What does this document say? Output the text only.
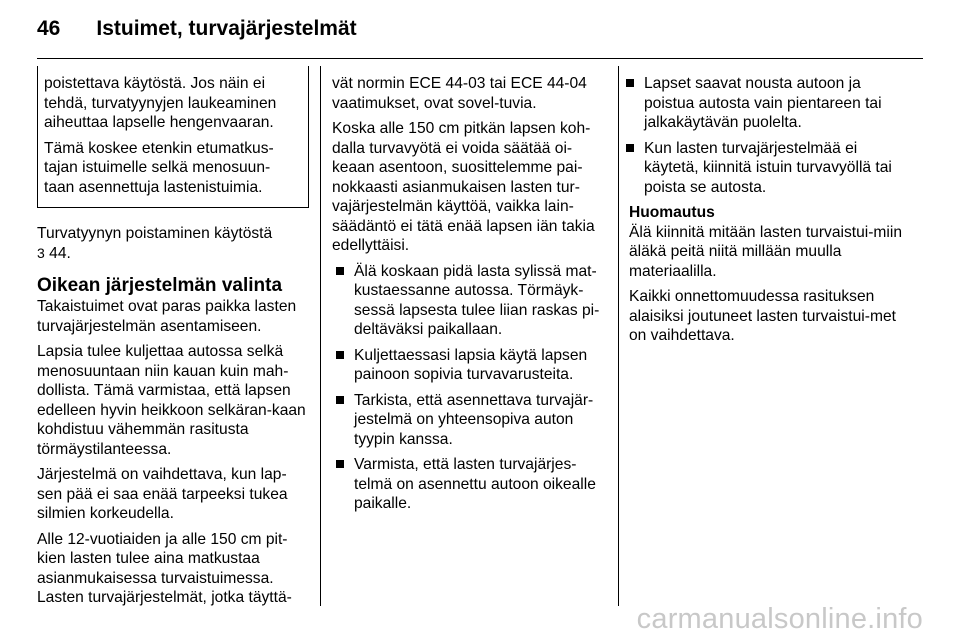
46 Istuimet, turvajärjestelmät

poistettava käytöstä. Jos näin ei tehdä, turvatyynyjen laukeaminen aiheuttaa lapselle hengenvaaran.

Tämä koskee etenkin etumatkus-tajan istuimelle selkä menosuun-taan asennettuja lastenistuimia.

Turvatyynyn poistaminen käytöstä
3 44.

Oikean järjestelmän valinta

Takaistuimet ovat paras paikka lasten turvajärjestelmän asentamiseen.

Lapsia tulee kuljettaa autossa selkä menosuuntaan niin kauan kuin mah-dollista. Tämä varmistaa, että lapsen edelleen hyvin heikkoon selkäran-kaan kohdistuu vähemmän rasitusta törmäystilanteessa.

Järjestelmä on vaihdettava, kun lap-sen pää ei saa enää tarpeeksi tukea silmien korkeudella.

Alle 12-vuotiaiden ja alle 150 cm pit-kien lasten tulee aina matkustaa asianmukaisessa turvaistuimessa. Lasten turvajärjestelmät, jotka täyttä-

vät normin ECE 44-03 tai ECE 44-04 vaatimukset, ovat sovel-tuvia.

Koska alle 150 cm pitkän lapsen koh-dalla turvavyötä ei voida säätää oi-keaan asentoon, suosittelemme pai-nokkaasti asianmukaisen lasten tur-vajärjestelmän käyttöä, vaikka lain-säädäntö ei tätä enää lapsen iän takia edellyttäisi.

Älä koskaan pidä lasta sylissä mat-kustaessanne autossa. Törmäyk-sessä lapsesta tulee liian raskas pi-deltäväksi paikallaan.
Kuljettaessasi lapsia käytä lapsen painoon sopivia turvavarusteita.
Tarkista, että asennettava turvajär-jestelmä on yhteensopiva auton tyypin kanssa.
Varmista, että lasten turvajärjes-telmä on asennettu autoon oikealle paikalle.
Lapset saavat nousta autoon ja poistua autosta vain pientareen tai jalkakäytävän puolelta.
Kun lasten turvajärjestelmää ei käytetä, kiinnitä istuin turvavyöllä tai poista se autosta.
Huomautus

Älä kiinnitä mitään lasten turvaistui-miin äläkä peitä niitä millään muulla materiaalilla.

Kaikki onnettomuudessa rasituksen alaisiksi joutuneet lasten turvaistui-met on vaihdettava.

carmanualsonline.info
